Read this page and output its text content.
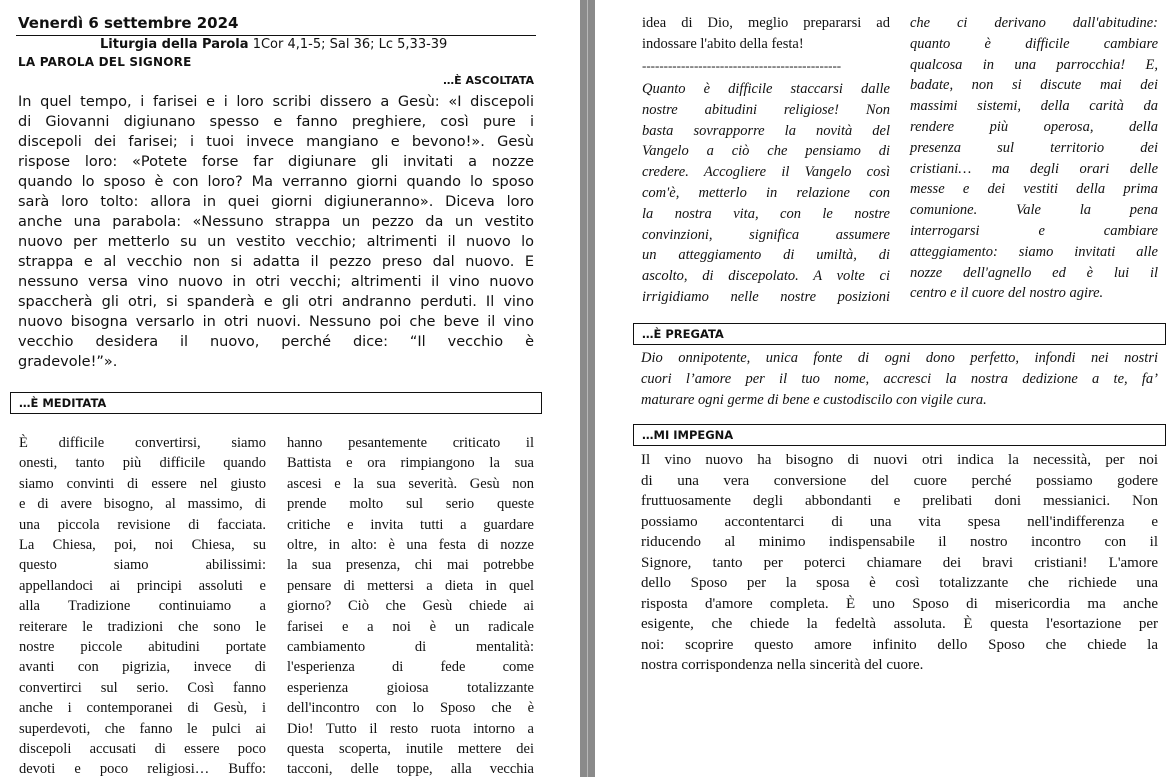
Venerdì 6 settembre 2024
Liturgia della Parola 1Cor 4,1-5; Sal 36; Lc 5,33-39
LA PAROLA DEL SIGNORE
…È ASCOLTATA
In quel tempo, i farisei e i loro scribi dissero a Gesù: «I discepoli
di Giovanni digiunano spesso e fanno preghiere, così pure i
discepoli dei farisei; i tuoi invece mangiano e bevono!». Gesù
rispose loro: «Potete forse far digiunare gli invitati a nozze
quando lo sposo è con loro? Ma verranno giorni quando lo sposo
sarà loro tolto: allora in quei giorni digiuneranno». Diceva loro
anche una parabola: «Nessuno strappa un pezzo da un vestito
nuovo per metterlo su un vestito vecchio; altrimenti il nuovo lo
strappa e al vecchio non si adatta il pezzo preso dal nuovo. E
nessuno versa vino nuovo in otri vecchi; altrimenti il vino nuovo
spaccherà gli otri, si spanderà e gli otri andranno perduti. Il vino
nuovo bisogna versarlo in otri nuovi. Nessuno poi che beve il vino
vecchio desidera il nuovo, perché dice: “Il vecchio è
gradevole!”».
…È MEDITATA
È difficile convertirsi, siamo
onesti, tanto più difficile quando
siamo convinti di essere nel giusto
e di avere bisogno, al massimo, di
una piccola revisione di facciata.
La Chiesa, poi, noi Chiesa, su
questo siamo abilissimi:
appellandoci ai principi assoluti e
alla Tradizione continuiamo a
reiterare le tradizioni che sono le
nostre piccole abitudini portate
avanti con pigrizia, invece di
convertirci sul serio. Così fanno
anche i contemporanei di Gesù, i
superdevoti, che fanno le pulci ai
discepoli accusati di essere poco
devoti e poco religiosi… Buffo:
hanno pesantemente criticato il
Battista e ora rimpiangono la sua
ascesi e la sua severità. Gesù non
prende molto sul serio queste
critiche e invita tutti a guardare
oltre, in alto: è una festa di nozze
la sua presenza, chi mai potrebbe
pensare di mettersi a dieta in quel
giorno? Ciò che Gesù chiede ai
farisei e a noi è un radicale
cambiamento di mentalità:
l'esperienza di fede come
esperienza gioiosa totalizzante
dell'incontro con lo Sposo che è
Dio! Tutto il resto ruota intorno a
questa scoperta, inutile mettere dei
tacconi, delle toppe, alla vecchia
idea di Dio, meglio prepararsi ad
indossare l'abito della festa!
----------------------------------------------
Quanto è difficile staccarsi dalle
nostre abitudini religiose! Non
basta sovrapporre la novità del
Vangelo a ciò che pensiamo di
credere. Accogliere il Vangelo così
com'è, metterlo in relazione con
la nostra vita, con le nostre
convinzioni, significa assumere
un atteggiamento di umiltà, di
ascolto, di discepolato. A volte ci
irrigidiamo nelle nostre posizioni
che ci derivano dall'abitudine:
quanto è difficile cambiare
qualcosa in una parrocchia! E,
badate, non si discute mai dei
massimi sistemi, della carità da
rendere più operosa, della
presenza sul territorio dei
cristiani… ma degli orari delle
messe e dei vestiti della prima
comunione. Vale la pena
interrogarsi e cambiare
atteggiamento: siamo invitati alle
nozze dell'agnello ed è lui il
centro e il cuore del nostro agire.
…È PREGATA
Dio onnipotente, unica fonte di ogni dono perfetto, infondi nei nostri
cuori l’amore per il tuo nome, accresci la nostra dedizione a te, fa’
maturare ogni germe di bene e custodiscilo con vigile cura.
…MI IMPEGNA
Il vino nuovo ha bisogno di nuovi otri indica la necessità, per noi
di una vera conversione del cuore perché possiamo godere
fruttuosamente degli abbondanti e prelibati doni messianici. Non
possiamo accontentarci di una vita spesa nell'indifferenza e
riducendo al minimo indispensabile il nostro incontro con il
Signore, tanto per poterci chiamare dei bravi cristiani! L'amore
dello Sposo per la sposa è così totalizzante che richiede una
risposta d'amore completa. È uno Sposo di misericordia ma anche
esigente, che chiede la fedeltà assoluta. È questa l'esortazione per
noi: scoprire questo amore infinito dello Sposo che chiede la
nostra corrispondenza nella sincerità del cuore.
